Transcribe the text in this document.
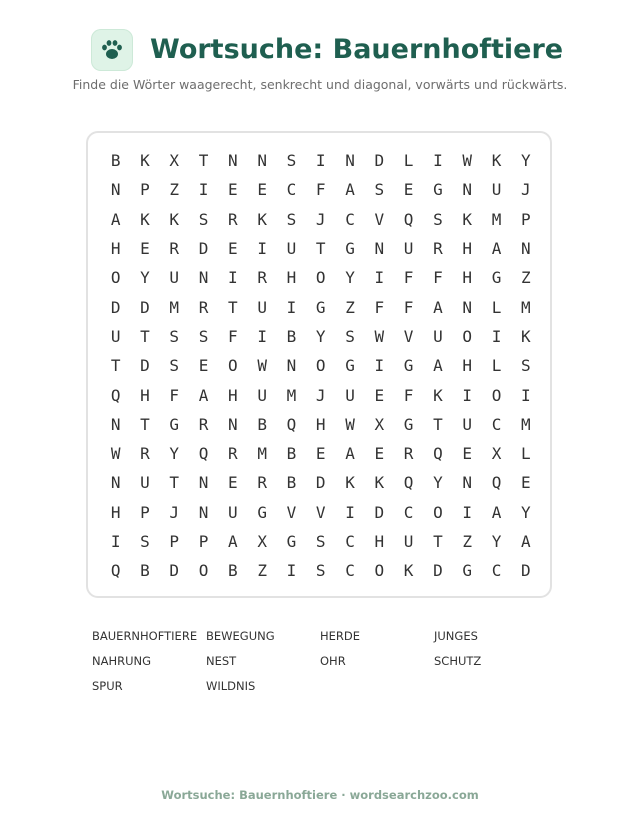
Wortsuche: Bauernhoftiere
Finde die Wörter waagerecht, senkrecht und diagonal, vorwärts und rückwärts.
B	K	X	T	N	N	S	I	N	D	L	I	W	K	Y
N	P	Z	I	E	E	C	F	A	S	E	G	N	U	J
A	K	K	S	R	K	S	J	C	V	Q	S	K	M	P
H	E	R	D	E	I	U	T	G	N	U	R	H	A	N
O	Y	U	N	I	R	H	O	Y	I	F	F	H	G	Z
D	D	M	R	T	U	I	G	Z	F	F	A	N	L	M
U	T	S	S	F	I	B	Y	S	W	V	U	O	I	K
T	D	S	E	O	W	N	O	G	I	G	A	H	L	S
Q	H	F	A	H	U	M	J	U	E	F	K	I	O	I
N	T	G	R	N	B	Q	H	W	X	G	T	U	C	M
W	R	Y	Q	R	M	B	E	A	E	R	Q	E	X	L
N	U	T	N	E	R	B	D	K	K	Q	Y	N	Q	E
H	P	J	N	U	G	V	V	I	D	C	O	I	A	Y
I	S	P	P	A	X	G	S	C	H	U	T	Z	Y	A
Q	B	D	O	B	Z	I	S	C	O	K	D	G	C	D
BAUERNHOFTIERE BEWEGUNG	HERDE	JUNGES
NAHRUNG	NEST	OHR	SCHUTZ
SPUR	WILDNIS
Wortsuche: Bauernhoftiere · wordsearchzoo.com
